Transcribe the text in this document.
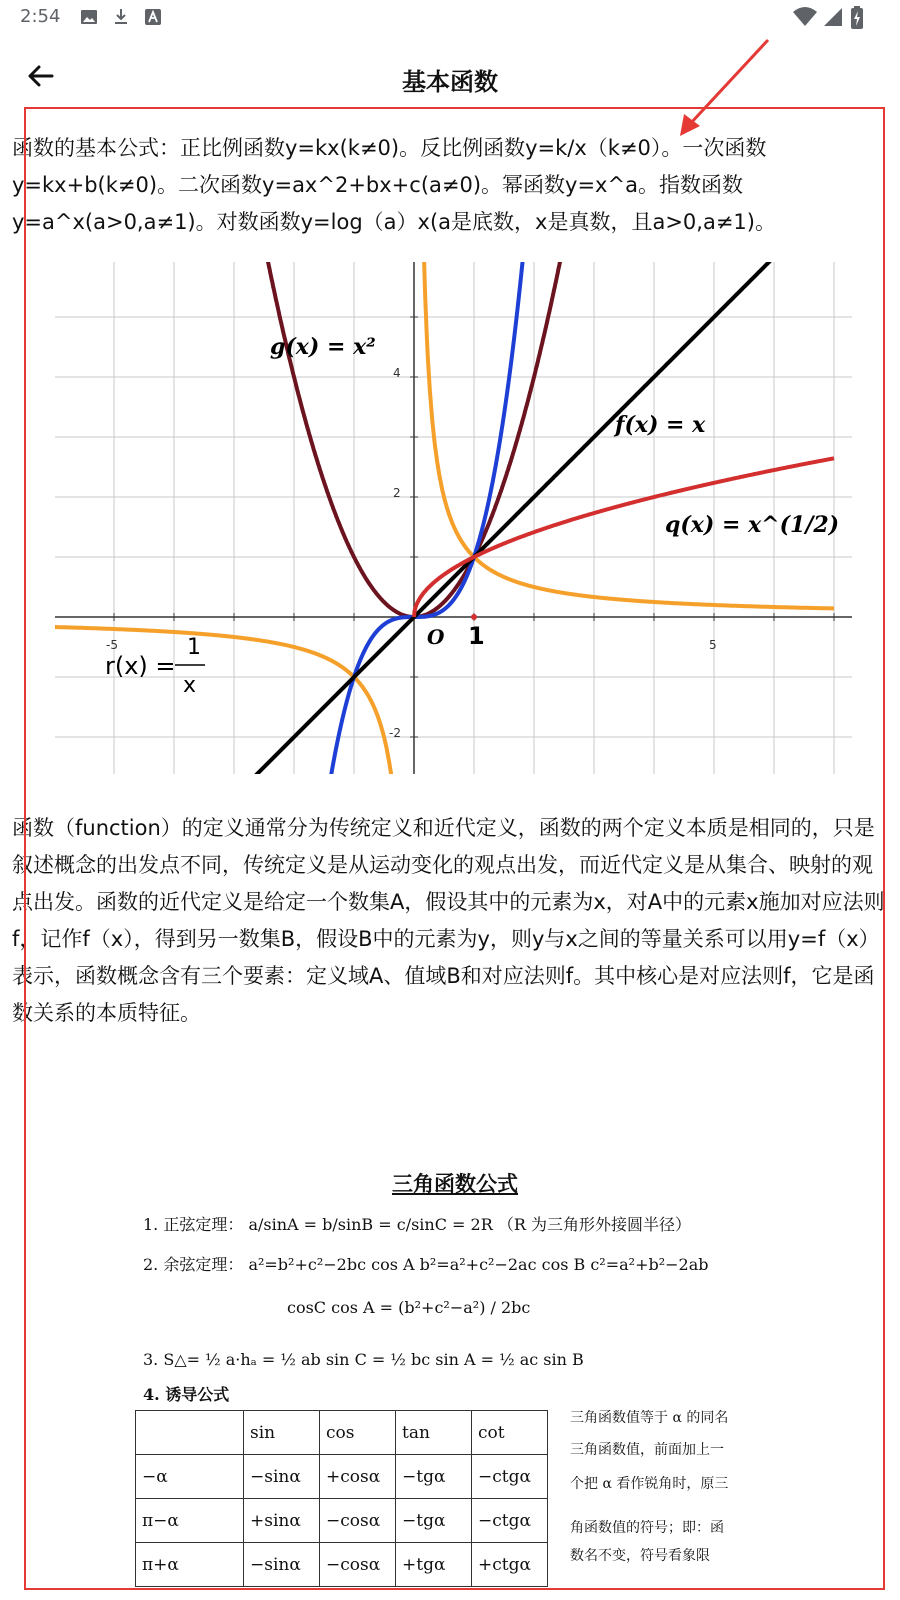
2:54
基本函数

函数的基本公式：正比例函数y=kx(k≠0)。反比例函数y=k/x（k≠0）。一次函数y=kx+b(k≠0)。二次函数y=ax^2+bx+c(a≠0)。幂函数y=x^a。指数函数y=a^x(a>0,a≠1)。对数函数y=log（a）x(a是底数，x是真数，且a>0,a≠1)。

g(x) = x²
f(x) = x
q(x) = x^(1/2)
r(x) =
1
x
O 1
-5	5
4
2
-2

函数（function）的定义通常分为传统定义和近代定义，函数的两个定义本质是相同的，只是叙述概念的出发点不同，传统定义是从运动变化的观点出发，而近代定义是从集合、映射的观点出发。函数的近代定义是给定一个数集A，假设其中的元素为x，对A中的元素x施加对应法则f，记作f（x），得到另一数集B，假设B中的元素为y，则y与x之间的等量关系可以用y=f（x）表示，函数概念含有三个要素：定义域A、值域B和对应法则f。其中核心是对应法则f，它是函数关系的本质特征。

三角函数公式
1. 正弦定理： a/sinA = b/sinB = c/sinC = 2R （R 为三角形外接圆半径）
2. 余弦定理： a²=b²+c²−2bc cos A b²=a²+c²−2ac cos B c²=a²+b²−2ab
cosC cos A = (b²+c²−a²) / 2bc
3. S△= ½ a·hₐ = ½ ab sin C = ½ bc sin A = ½ ac sin B
4. 诱导公式
	sin	cos	tan	cot
−α	−sinα	+cosα	−tgα	−ctgα
π−α	+sinα	−cosα	−tgα	−ctgα
π+α	−sinα	−cosα	+tgα	+ctgα
三角函数值等于 α 的同名
三角函数值，前面加上一
个把 α 看作锐角时，原三
角函数值的符号；即：函
数名不变，符号看象限
